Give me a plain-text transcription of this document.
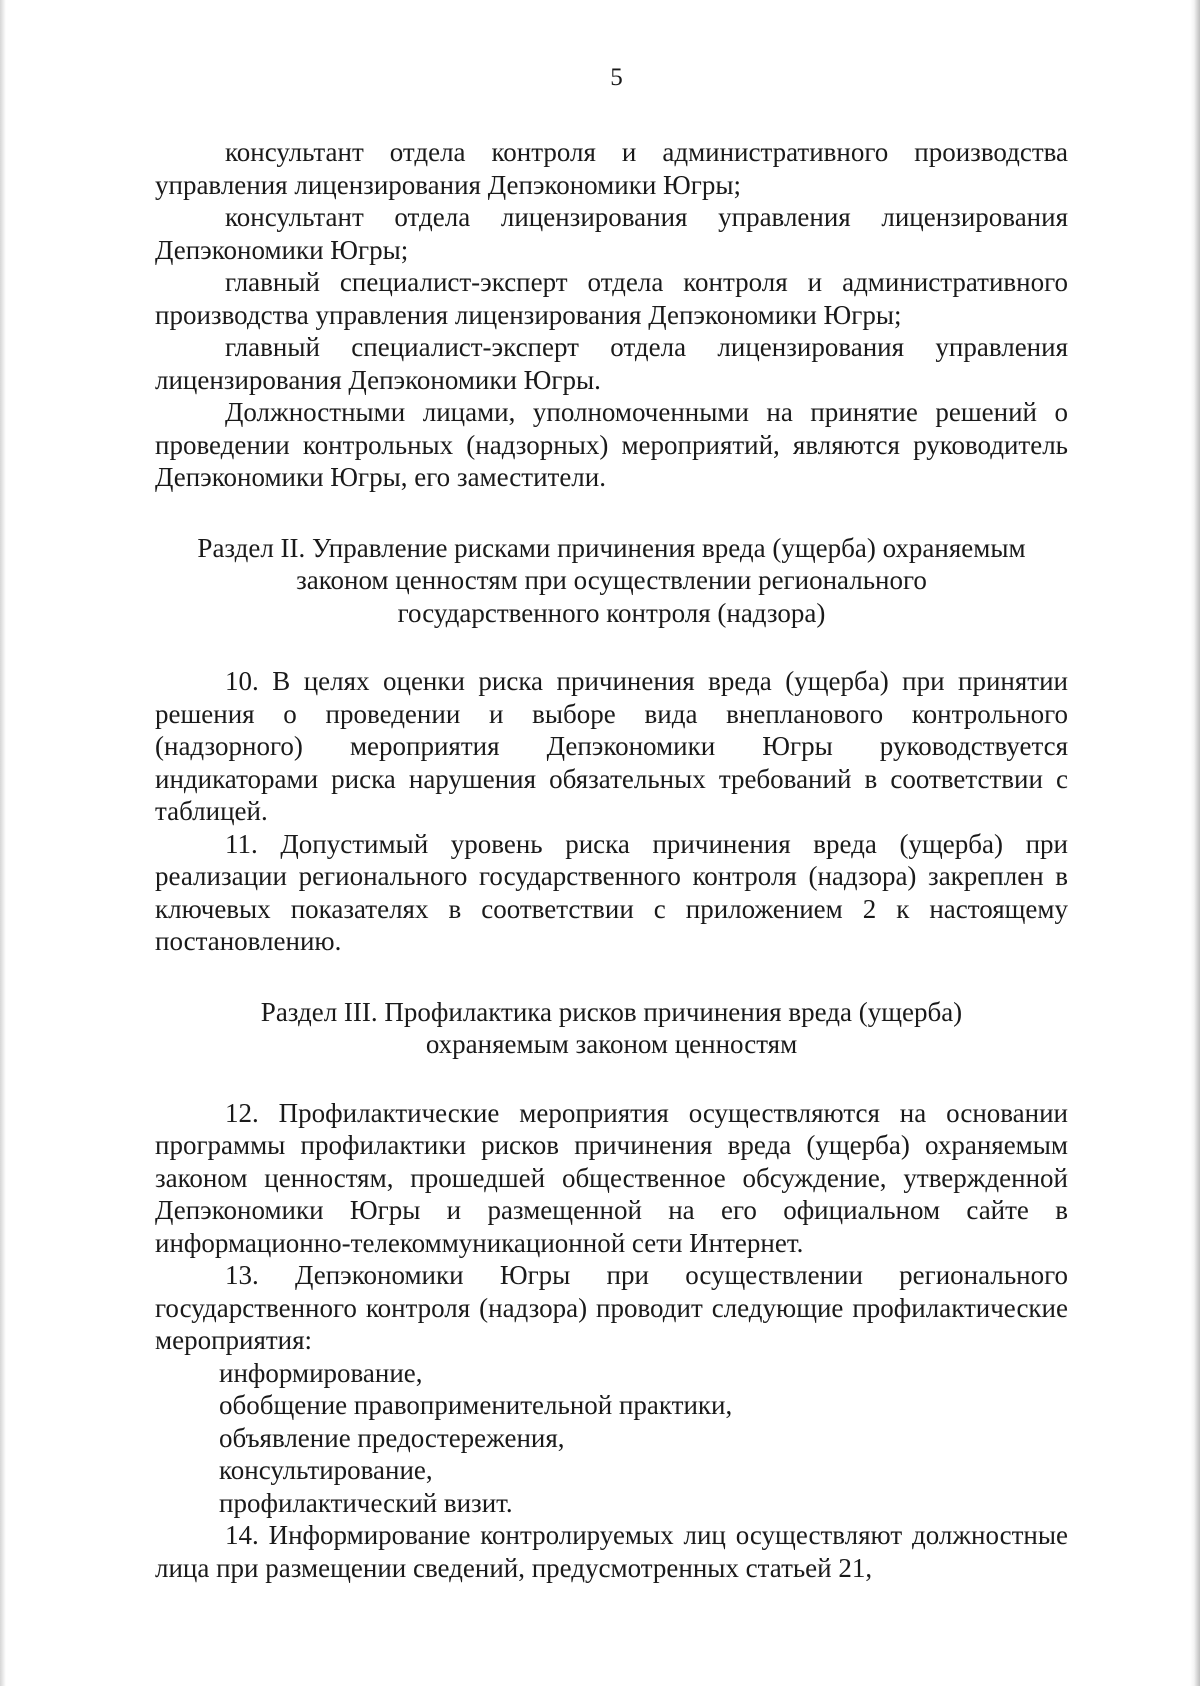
5

консультант отдела контроля и административного производства управления лицензирования Депэкономики Югры;

консультант отдела лицензирования управления лицензирования Депэкономики Югры;

главный специалист-эксперт отдела контроля и административного производства управления лицензирования Депэкономики Югры;

главный специалист-эксперт отдела лицензирования управления лицензирования Депэкономики Югры.

Должностными лицами, уполномоченными на принятие решений о проведении контрольных (надзорных) мероприятий, являются руководитель Депэкономики Югры, его заместители.

Раздел II. Управление рисками причинения вреда (ущерба) охраняемым
законом ценностям при осуществлении регионального
государственного контроля (надзора)

10. В целях оценки риска причинения вреда (ущерба) при принятии решения о проведении и выборе вида внепланового контрольного (надзорного) мероприятия Депэкономики Югры руководствуется индикаторами риска нарушения обязательных требований в соответствии с таблицей.

11. Допустимый уровень риска причинения вреда (ущерба) при реализации регионального государственного контроля (надзора) закреплен в ключевых показателях в соответствии с приложением 2 к настоящему постановлению.

Раздел III. Профилактика рисков причинения вреда (ущерба)
охраняемым законом ценностям

12. Профилактические мероприятия осуществляются на основании программы профилактики рисков причинения вреда (ущерба) охраняемым законом ценностям, прошедшей общественное обсуждение, утвержденной Депэкономики Югры и размещенной на его официальном сайте в информационно-телекоммуникационной сети Интернет.

13. Депэкономики Югры при осуществлении регионального государственного контроля (надзора) проводит следующие профилактические мероприятия:

информирование,

обобщение правоприменительной практики,

объявление предостережения,

консультирование,

профилактический визит.

14. Информирование контролируемых лиц осуществляют должностные лица при размещении сведений, предусмотренных статьей 21,
